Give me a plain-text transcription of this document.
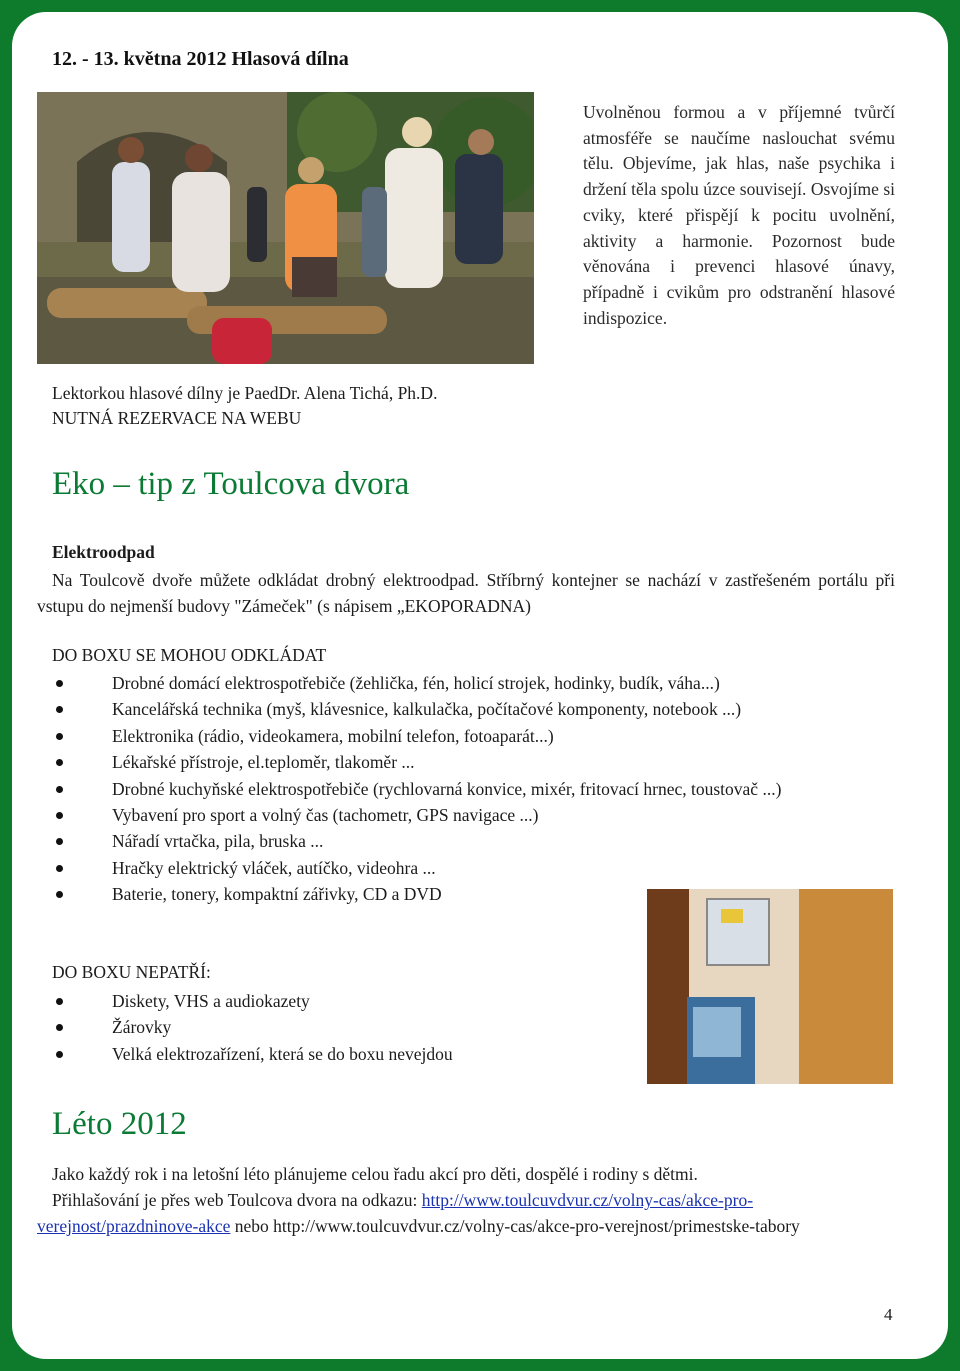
12. - 13. května 2012 Hlasová dílna
Uvolněnou formou a v příjemné tvůrčí atmosféře se naučíme naslouchat svému tělu. Objevíme, jak hlas, naše psychika i držení těla spolu úzce souvisejí. Osvojíme si cviky, které přispějí k pocitu uvolnění, aktivity a harmonie. Pozornost bude věnována i prevenci hlasové únavy, případně i cvikům pro odstranění hlasové indispozice.
Lektorkou hlasové dílny je PaedDr. Alena Tichá, Ph.D.
NUTNÁ REZERVACE NA WEBU
Eko – tip z Toulcova dvora
Elektroodpad
Na Toulcově dvoře můžete odkládat drobný elektroodpad. Stříbrný kontejner se nachází v zastřešeném portálu při vstupu do nejmenší budovy "Zámeček" (s nápisem „EKOPORADNA)
DO BOXU SE MOHOU ODKLÁDAT
Drobné domácí elektrospotřebiče (žehlička, fén, holicí strojek, hodinky, budík, váha...)
Kancelářská technika (myš, klávesnice, kalkulačka, počítačové komponenty, notebook ...)
Elektronika (rádio, videokamera, mobilní telefon, fotoaparát...)
Lékařské přístroje, el.teploměr, tlakoměr ...
Drobné kuchyňské elektrospotřebiče (rychlovarná konvice, mixér, fritovací hrnec, toustovač ...)
Vybavení pro sport a volný čas (tachometr, GPS navigace ...)
Nářadí vrtačka, pila, bruska ...
Hračky elektrický vláček, autíčko, videohra ...
Baterie, tonery, kompaktní zářivky, CD a DVD
DO BOXU NEPATŘÍ:
Diskety, VHS a audiokazety
Žárovky
Velká elektrozařízení, která se do boxu nevejdou
Léto 2012
Jako každý rok i na letošní léto plánujeme celou řadu akcí pro děti, dospělé i rodiny s dětmi.
Přihlašování je přes web Toulcova dvora na odkazu: http://www.toulcuvdvur.cz/volny-cas/akce-pro-verejnost/prazdninove-akce nebo http://www.toulcuvdvur.cz/volny-cas/akce-pro-verejnost/primestske-tabory
4
